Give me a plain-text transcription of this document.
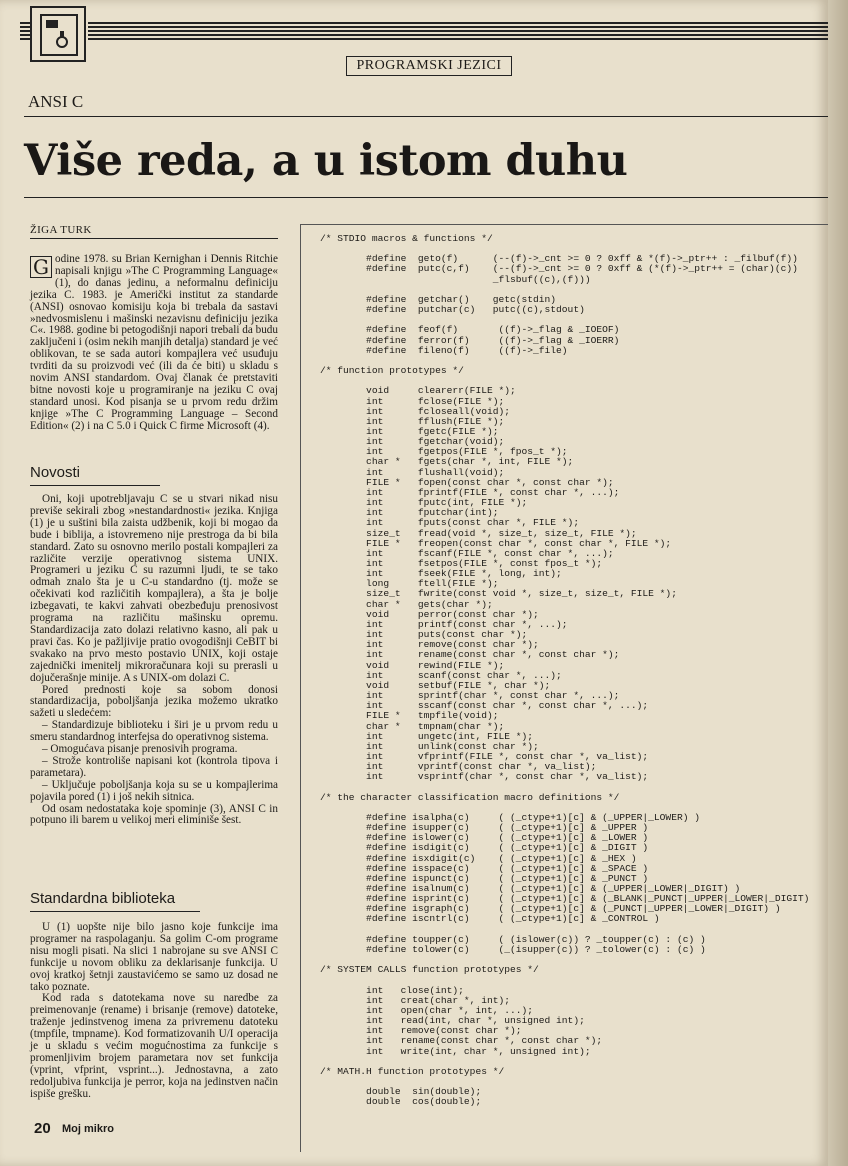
PROGRAMSKI JEZICI
ANSI C
Više reda, a u istom duhu
ŽIGA TURK

G odine 1978. su Brian Kernighan i Dennis Ritchie napisali knjigu »The C Programming Language« (1), do danas jedinu, a neformalnu definiciju jezika C. 1983. je Američki institut za standarde (ANSI) osnovao komisiju koja bi trebala da sastavi »nedvosmislenu i mašinski nezavisnu definiciju jezika C«. 1988. godine bi petogodišnji napori trebali da budu zaključeni i (osim nekih manjih detalja) standard je već oblikovan, te se sada autori kompajlera već usuđuju tvrditi da su proizvodi već (ili da će biti) u skladu s novim ANSI standardom. Ovaj članak će pretstaviti bitne novosti koje u programiranje na jeziku C ovaj standard unosi. Kod pisanja se u prvom redu držim knjige »The C Programming Language – Second Edition« (2) i na C 5.0 i Quick C firme Microsoft (4).

Novosti

Oni, koji upotrebljavaju C se u stvari nikad nisu previše sekirali zbog »nestandardnosti« jezika. Knjiga (1) je u suštini bila zaista udžbenik, koji bi mogao da bude i biblija, a istovremeno nije prestroga da bi bila standard. Zato su osnovno merilo postali kompajleri za različite verzije operativnog sistema UNIX. Programeri u jeziku C su razumni ljudi, te se tako odmah znalo šta je u C-u standardno (tj. može se očekivati kod različitih kompajlera), a šta je bolje izbegavati, te kakvi zahvati obezbeđuju prenosivost programa na različitu mašinsku opremu. Standardizacija zato dolazi relativno kasno, ali pak u pravi čas. Ko je pažljivije pratio ovogodišnji CeBIT bi svakako na prvo mesto postavio UNIX, koji ostaje zajednički imenitelj mikroračunara koji su prerasli u dojučerašnje minije. A s UNIX-om dolazi C.

Pored prednosti koje sa sobom donosi standardizacija, poboljšanja jezika možemo ukratko sažeti u sledećem:

– Standardizuje biblioteku i širi je u prvom redu u smeru standardnog interfejsa do operativnog sistema.

– Omogućava pisanje prenosivih programa.

– Strože kontroliše napisani kot (kontrola tipova i parametara).

– Uključuje poboljšanja koja su se u kompajlerima pojavila pored (1) i još nekih sitnica.

Od osam nedostataka koje spominje (3), ANSI C in potpuno ili barem u velikoj meri eliminiše šest.

Standardna biblioteka

U (1) uopšte nije bilo jasno koje funkcije ima programer na raspolaganju. Sa golim C-om programe nisu mogli pisati. Na slici 1 nabrojane su sve ANSI C funkcije u novom obliku za deklarisanje funkcija. U ovoj kratkoj šetnji zaustavićemo se samo uz dosad ne tako poznate.

Kod rada s datotekama nove su naredbe za preimenovanje (rename) i brisanje (remove) datoteke, traženje jedinstvenog imena za privremenu datoteku (tmpfile, tmpname). Kod formatizovanih U/I operacija je u skladu s većim mogućnostima za funkcije s promenljivim brojem parametara nov set funkcija (vprint, vfprint, vsprint...). Jednostavna, a zato redoljubiva funkcija je perror, koja na jedinstven način ispiše grešku.

/* STDIO macros & functions */

#define  geto(f)      (--(f)->_cnt >= 0 ? 0xff & *(f)->_ptr++ : _filbuf(f))
#define  putc(c,f)    (--(f)->_cnt >= 0 ? 0xff & (*(f)->_ptr++ = (char)(c))
_flsbuf((c),(f)))

#define  getchar()    getc(stdin)
#define  putchar(c)   putc((c),stdout)

#define  feof(f)       ((f)->_flag & _IOEOF)
#define  ferror(f)     ((f)->_flag & _IOERR)
#define  fileno(f)     ((f)->_file)

/* function prototypes */

void     clearerr(FILE *);
int      fclose(FILE *);
int      fcloseall(void);
int      fflush(FILE *);
int      fgetc(FILE *);
int      fgetchar(void);
int      fgetpos(FILE *, fpos_t *);
char *   fgets(char *, int, FILE *);
int      flushall(void);
FILE *   fopen(const char *, const char *);
int      fprintf(FILE *, const char *, ...);
int      fputc(int, FILE *);
int      fputchar(int);
int      fputs(const char *, FILE *);
size_t   fread(void *, size_t, size_t, FILE *);
FILE *   freopen(const char *, const char *, FILE *);
int      fscanf(FILE *, const char *, ...);
int      fsetpos(FILE *, const fpos_t *);
int      fseek(FILE *, long, int);
long     ftell(FILE *);
size_t   fwrite(const void *, size_t, size_t, FILE *);
char *   gets(char *);
void     perror(const char *);
int      printf(const char *, ...);
int      puts(const char *);
int      remove(const char *);
int      rename(const char *, const char *);
void     rewind(FILE *);
int      scanf(const char *, ...);
void     setbuf(FILE *, char *);
int      sprintf(char *, const char *, ...);
int      sscanf(const char *, const char *, ...);
FILE *   tmpfile(void);
char *   tmpnam(char *);
int      ungetc(int, FILE *);
int      unlink(const char *);
int      vfprintf(FILE *, const char *, va_list);
int      vprintf(const char *, va_list);
int      vsprintf(char *, const char *, va_list);

/* the character classification macro definitions */

#define isalpha(c)     ( (_ctype+1)[c] & (_UPPER|_LOWER) )
#define isupper(c)     ( (_ctype+1)[c] & _UPPER )
#define islower(c)     ( (_ctype+1)[c] & _LOWER )
#define isdigit(c)     ( (_ctype+1)[c] & _DIGIT )
#define isxdigit(c)    ( (_ctype+1)[c] & _HEX )
#define isspace(c)     ( (_ctype+1)[c] & _SPACE )
#define ispunct(c)     ( (_ctype+1)[c] & _PUNCT )
#define isalnum(c)     ( (_ctype+1)[c] & (_UPPER|_LOWER|_DIGIT) )
#define isprint(c)     ( (_ctype+1)[c] & (_BLANK|_PUNCT|_UPPER|_LOWER|_DIGIT)
#define isgraph(c)     ( (_ctype+1)[c] & (_PUNCT|_UPPER|_LOWER|_DIGIT) )
#define iscntrl(c)     ( (_ctype+1)[c] & _CONTROL )

#define toupper(c)     ( (islower(c)) ? _toupper(c) : (c) )
#define tolower(c)     (_(isupper(c)) ? _tolower(c) : (c) )

/* SYSTEM CALLS function prototypes */

int   close(int);
int   creat(char *, int);
int   open(char *, int, ...);
int   read(int, char *, unsigned int);
int   remove(const char *);
int   rename(const char *, const char *);
int   write(int, char *, unsigned int);

/* MATH.H function prototypes */

double  sin(double);
double  cos(double);
20 Moj mikro
